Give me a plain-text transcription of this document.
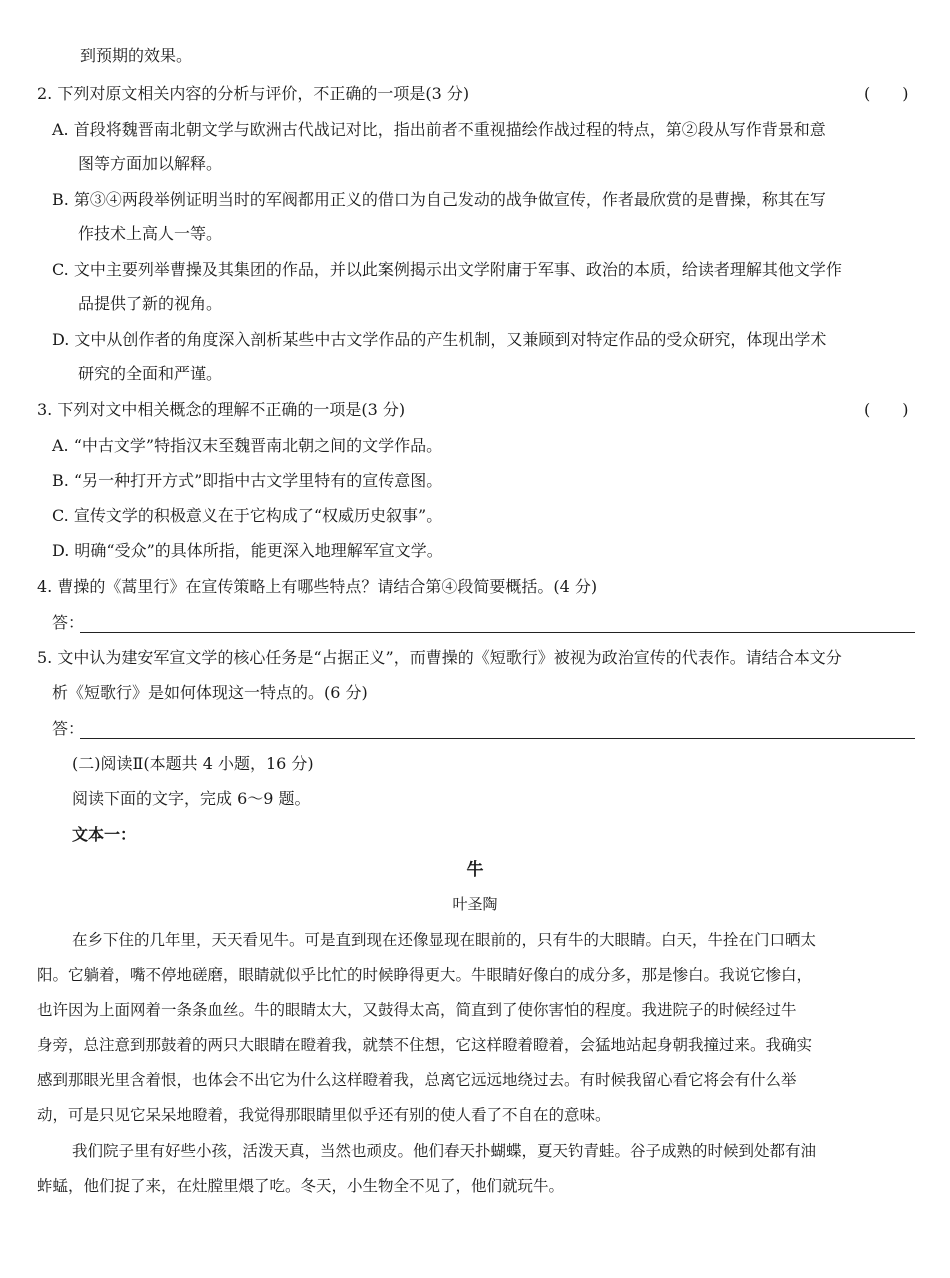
到预期的效果。
2. 下列对原文相关内容的分析与评价，不正确的一项是(3 分)	(　　)
A. 首段将魏晋南北朝文学与欧洲古代战记对比，指出前者不重视描绘作战过程的特点，第②段从写作背景和意
图等方面加以解释。
B. 第③④两段举例证明当时的军阀都用正义的借口为自己发动的战争做宣传，作者最欣赏的是曹操，称其在写
作技术上高人一等。
C. 文中主要列举曹操及其集团的作品，并以此案例揭示出文学附庸于军事、政治的本质，给读者理解其他文学作
品提供了新的视角。
D. 文中从创作者的角度深入剖析某些中古文学作品的产生机制，又兼顾到对特定作品的受众研究，体现出学术
研究的全面和严谨。
3. 下列对文中相关概念的理解不正确的一项是(3 分)	(　　)
A. “中古文学”特指汉末至魏晋南北朝之间的文学作品。
B. “另一种打开方式”即指中古文学里特有的宣传意图。
C. 宣传文学的积极意义在于它构成了“权威历史叙事”。
D. 明确“受众”的具体所指，能更深入地理解军宣文学。
4. 曹操的《蒿里行》在宣传策略上有哪些特点？请结合第④段简要概括。(4 分)
答：
5. 文中认为建安军宣文学的核心任务是“占据正义”，而曹操的《短歌行》被视为政治宣传的代表作。请结合本文分
析《短歌行》是如何体现这一特点的。(6 分)
答：
(二)阅读Ⅱ(本题共 4 小题，16 分)
阅读下面的文字，完成 6～9 题。
文本一：
牛
叶圣陶
在乡下住的几年里，天天看见牛。可是直到现在还像显现在眼前的，只有牛的大眼睛。白天，牛拴在门口晒太
阳。它躺着，嘴不停地磋磨，眼睛就似乎比忙的时候睁得更大。牛眼睛好像白的成分多，那是惨白。我说它惨白，
也许因为上面网着一条条血丝。牛的眼睛太大，又鼓得太高，简直到了使你害怕的程度。我进院子的时候经过牛
身旁，总注意到那鼓着的两只大眼睛在瞪着我，就禁不住想，它这样瞪着瞪着，会猛地站起身朝我撞过来。我确实
感到那眼光里含着恨，也体会不出它为什么这样瞪着我，总离它远远地绕过去。有时候我留心看它将会有什么举
动，可是只见它呆呆地瞪着，我觉得那眼睛里似乎还有别的使人看了不自在的意味。
我们院子里有好些小孩，活泼天真，当然也顽皮。他们春天扑蝴蝶，夏天钓青蛙。谷子成熟的时候到处都有油
蚱蜢，他们捉了来，在灶膛里煨了吃。冬天，小生物全不见了，他们就玩牛。
